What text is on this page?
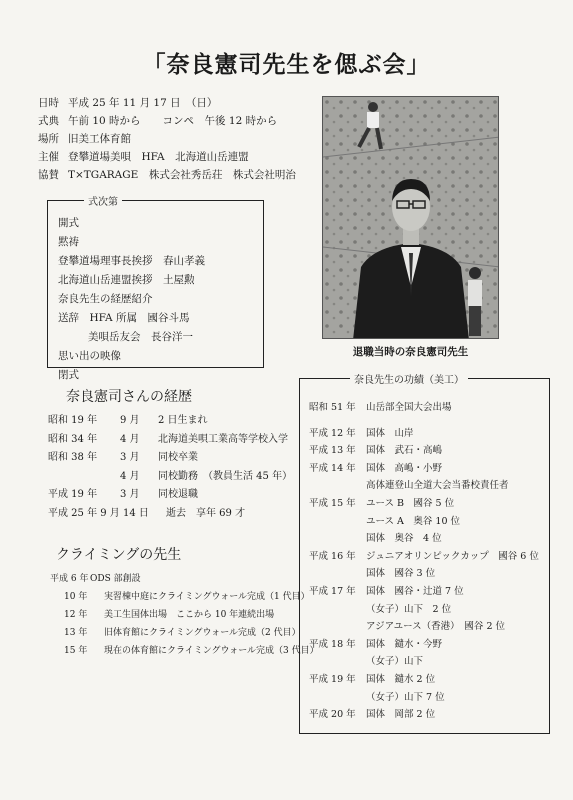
「奈良憲司先生を偲ぶ会」
日時 平成 25 年 11 月 17 日　（日）
式典 午前 10 時から コンペ　午後 12 時から
場所 旧美工体育館
主催 登攀道場美唄　HFA　北海道山岳連盟
協賛 T×TGARAGE　株式会社秀岳荘　株式会社明治
退職当時の奈良憲司先生
式次第
開式
黙祷
登攀道場理事長挨拶　春山孝義
北海道山岳連盟挨拶　土屋勲
奈良先生の経歴紹介
送辞　HFA 所属　國谷斗馬
美唄岳友会　長谷洋一
思い出の映像
閉式
奈良憲司さんの経歴
昭和 19 年	9 月	2 日生まれ
昭和 34 年	4 月	北海道美唄工業高等学校入学
昭和 38 年	3 月	同校卒業
4 月	同校勤務　（教員生活 45 年）
平成 19 年	3 月	同校退職
平成 25 年 9 月 14 日	逝去　享年 69 才
クライミングの先生
平成 6 年 ODS 部創設
10 年 実習棟中庭にクライミングウォール完成（1 代目）
12 年 美工生国体出場　ここから 10 年連続出場
13 年 旧体育館にクライミングウォール完成（2 代目）
15 年 現在の体育館にクライミングウォール完成（3 代目）
奈良先生の功績（美工）
昭和 51 年	山岳部全国大会出場
平成 12 年	国体　山岸
平成 13 年	国体　武石・高嶋
平成 14 年	国体　高嶋・小野
高体連登山全道大会当番校責任者
平成 15 年	ユース B　國谷 5 位
ユース A　奥谷 10 位
国体　奥谷　4 位
平成 16 年	ジュニアオリンピックカップ　國谷 6 位
国体　國谷 3 位
平成 17 年	国体　國谷・辻道 7 位
（女子）山下　2 位
アジアユース（香港）　國谷 2 位
平成 18 年	国体　鑓水・今野
（女子）山下
平成 19 年	国体　鑓水 2 位
（女子）山下 7 位
平成 20 年	国体　岡部 2 位
